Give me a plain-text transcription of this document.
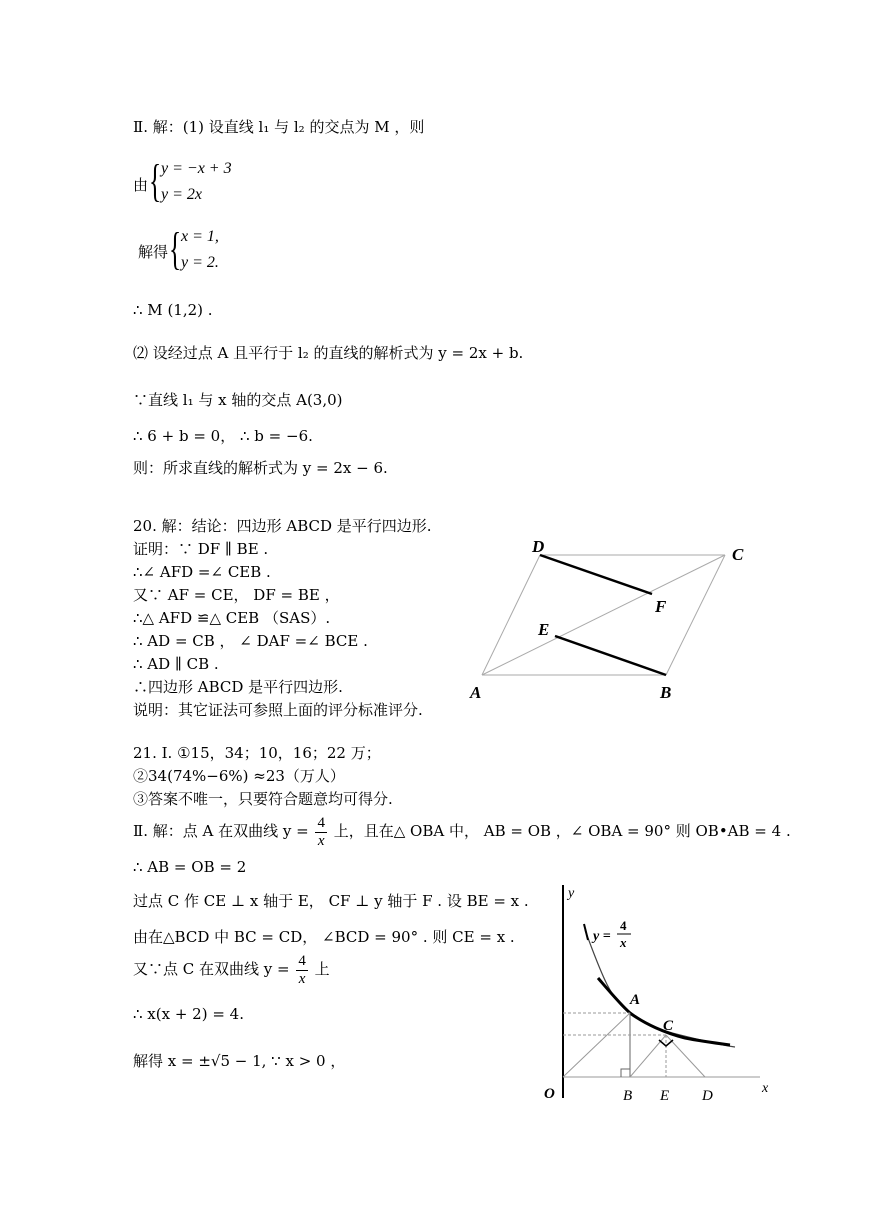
Ⅱ. 解：(1) 设直线 l₁ 与 l₂ 的交点为 M ，则
由 { y = −x + 3
y = 2x
解得 { x = 1,
y = 2.
∴ M (1,2) .
⑵ 设经过点 A 且平行于 l₂ 的直线的解析式为 y = 2x + b.
∵直线 l₁ 与 x 轴的交点 A(3,0)
∴ 6 + b = 0， ∴ b = −6.
则：所求直线的解析式为 y = 2x − 6.
20. 解：结论：四边形 ABCD 是平行四边形.
证明：∵ DF ∥ BE .
∴∠ AFD =∠ CEB .
又∵ AF = CE， DF = BE ，
∴△ AFD ≌△ CEB （SAS）.
∴ AD = CB ， ∠ DAF =∠ BCE .
∴ AD ∥ CB .
∴四边形 ABCD 是平行四边形.
说明：其它证法可参照上面的评分标准评分.
D	C
F
E
A	B
21. Ⅰ. ①15，34；10，16；22 万；
②34(74%−6%) ≈23（万人）
③答案不唯一，只要符合题意均可得分.
Ⅱ. 解：点 A 在双曲线 $y = \frac{4}{x}$ 上，且在△ OBA 中， AB = OB ，∠ OBA = 90° 则 OB•AB = 4 .
∴ AB = OB = 2
过点 C 作 CE ⊥ x 轴于 E， CF ⊥ y 轴于 F . 设 BE = x .
由在△BCD 中 BC = CD， ∠BCD = 90° . 则 CE = x .
又∵点 C 在双曲线 $y = \frac{4}{x}$ 上
∴ x(x + 2) = 4.
解得 x = ±√5 − 1, ∵ x > 0 ，
y
x
y =
4
x
A
C
O	B E D
